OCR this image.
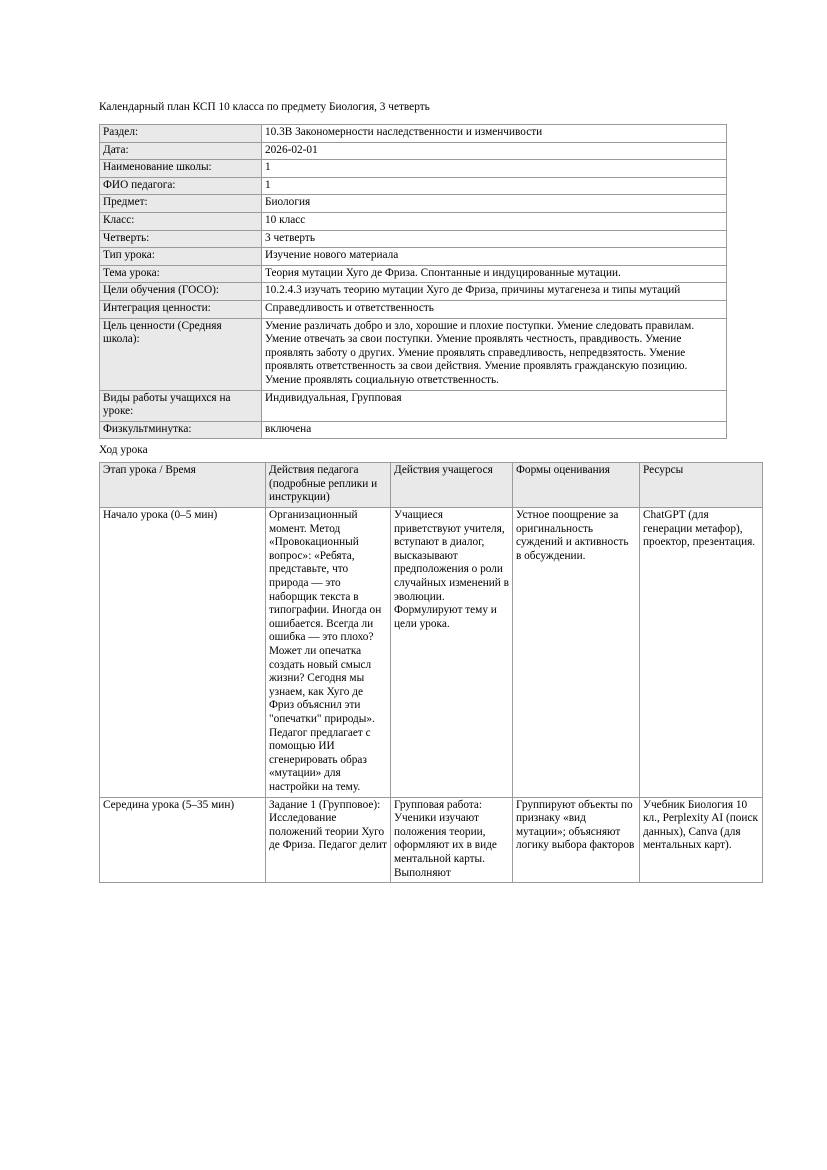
Календарный план КСП 10 класса по предмету Биология, 3 четверть
Раздел:	10.3В Закономерности наследственности и изменчивости
Дата:	2026-02-01
Наименование школы:	1
ФИО педагога:	1
Предмет:	Биология
Класс:	10 класс
Четверть:	3 четверть
Тип урока:	Изучение нового материала
Тема урока:	Теория мутации Хуго де Фриза. Спонтанные и индуцированные мутации.
Цели обучения (ГОСО):	10.2.4.3 изучать теорию мутации Хуго де Фриза, причины мутагенеза и типы мутаций
Интеграция ценности:	Справедливость и ответственность
Цель ценности (Средняя школа):	Умение различать добро и зло, хорошие и плохие поступки. Умение следовать правилам. Умение отвечать за свои поступки. Умение проявлять честность, правдивость. Умение проявлять заботу о других. Умение проявлять справедливость, непредвзятость. Умение проявлять ответственность за свои действия. Умение проявлять гражданскую позицию. Умение проявлять социальную ответственность.
Виды работы учащихся на уроке:	Индивидуальная, Групповая
Физкультминутка:	включена
Ход урока
Этап урока / Время	Действия педагога (подробные реплики и инструкции)	Действия учащегося	Формы оценивания	Ресурсы
Начало урока (0–5 мин)	Организационный момент. Метод «Провокационный вопрос»: «Ребята, представьте, что природа — это наборщик текста в типографии. Иногда он ошибается. Всегда ли ошибка — это плохо? Может ли опечатка создать новый смысл жизни? Сегодня мы узнаем, как Хуго де Фриз объяснил эти "опечатки" природы». Педагог предлагает с помощью ИИ сгенерировать образ «мутации» для настройки на тему.	Учащиеся приветствуют учителя, вступают в диалог, высказывают предположения о роли случайных изменений в эволюции. Формулируют тему и цели урока.	Устное поощрение за оригинальность суждений и активность в обсуждении.	ChatGPT (для генерации метафор), проектор, презентация.
Середина урока (5–35 мин)	Задание 1 (Групповое): Исследование положений теории Хуго де Фриза. Педагог делит	Групповая работа: Ученики изучают положения теории, оформляют их в виде ментальной карты. Выполняют	Группируют объекты по признаку «вид мутации»; объясняют логику выбора факторов	Учебник Биология 10 кл., Perplexity AI (поиск данных), Canva (для ментальных карт).
